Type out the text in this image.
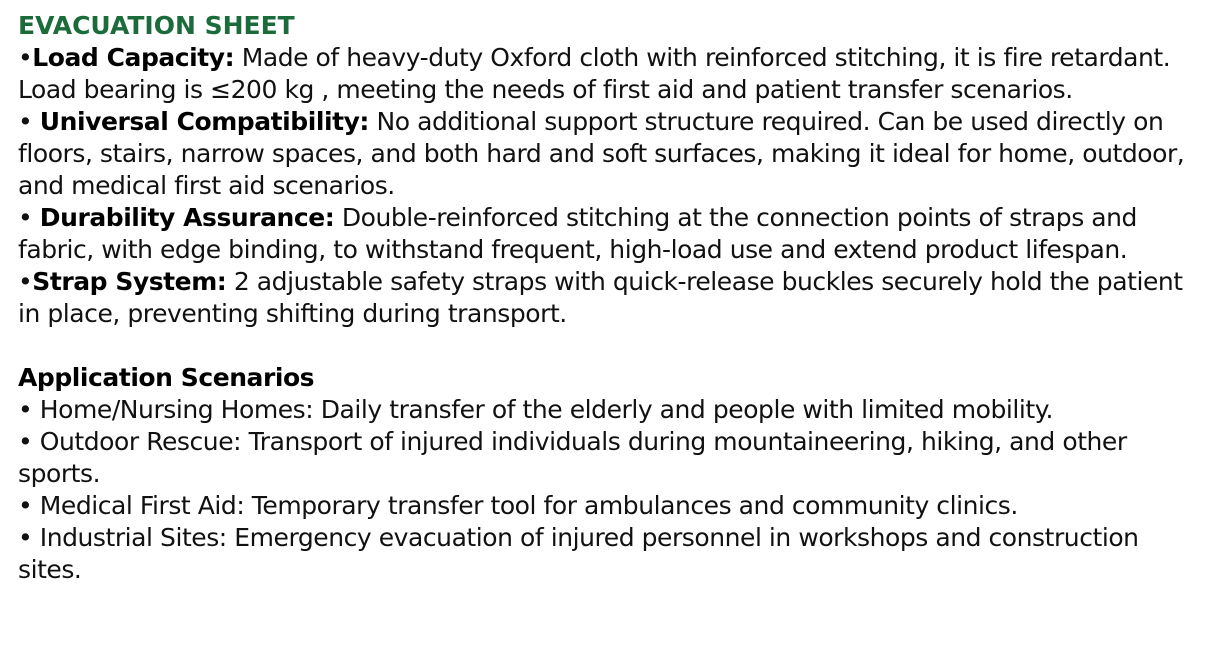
EVACUATION SHEET

•Load Capacity: Made of heavy-duty Oxford cloth with reinforced stitching, it is fire retardant. Load bearing is ≤200 kg , meeting the needs of first aid and patient transfer scenarios.

• Universal Compatibility: No additional support structure required. Can be used directly on floors, stairs, narrow spaces, and both hard and soft surfaces, making it ideal for home, outdoor, and medical first aid scenarios.

• Durability Assurance: Double-reinforced stitching at the connection points of straps and fabric, with edge binding, to withstand frequent, high-load use and extend product lifespan.

•Strap System: 2 adjustable safety straps with quick-release buckles securely hold the patient in place, preventing shifting during transport.

Application Scenarios

• Home/Nursing Homes: Daily transfer of the elderly and people with limited mobility.

• Outdoor Rescue: Transport of injured individuals during mountaineering, hiking, and other sports.

• Medical First Aid: Temporary transfer tool for ambulances and community clinics.

• Industrial Sites: Emergency evacuation of injured personnel in workshops and construction sites.
